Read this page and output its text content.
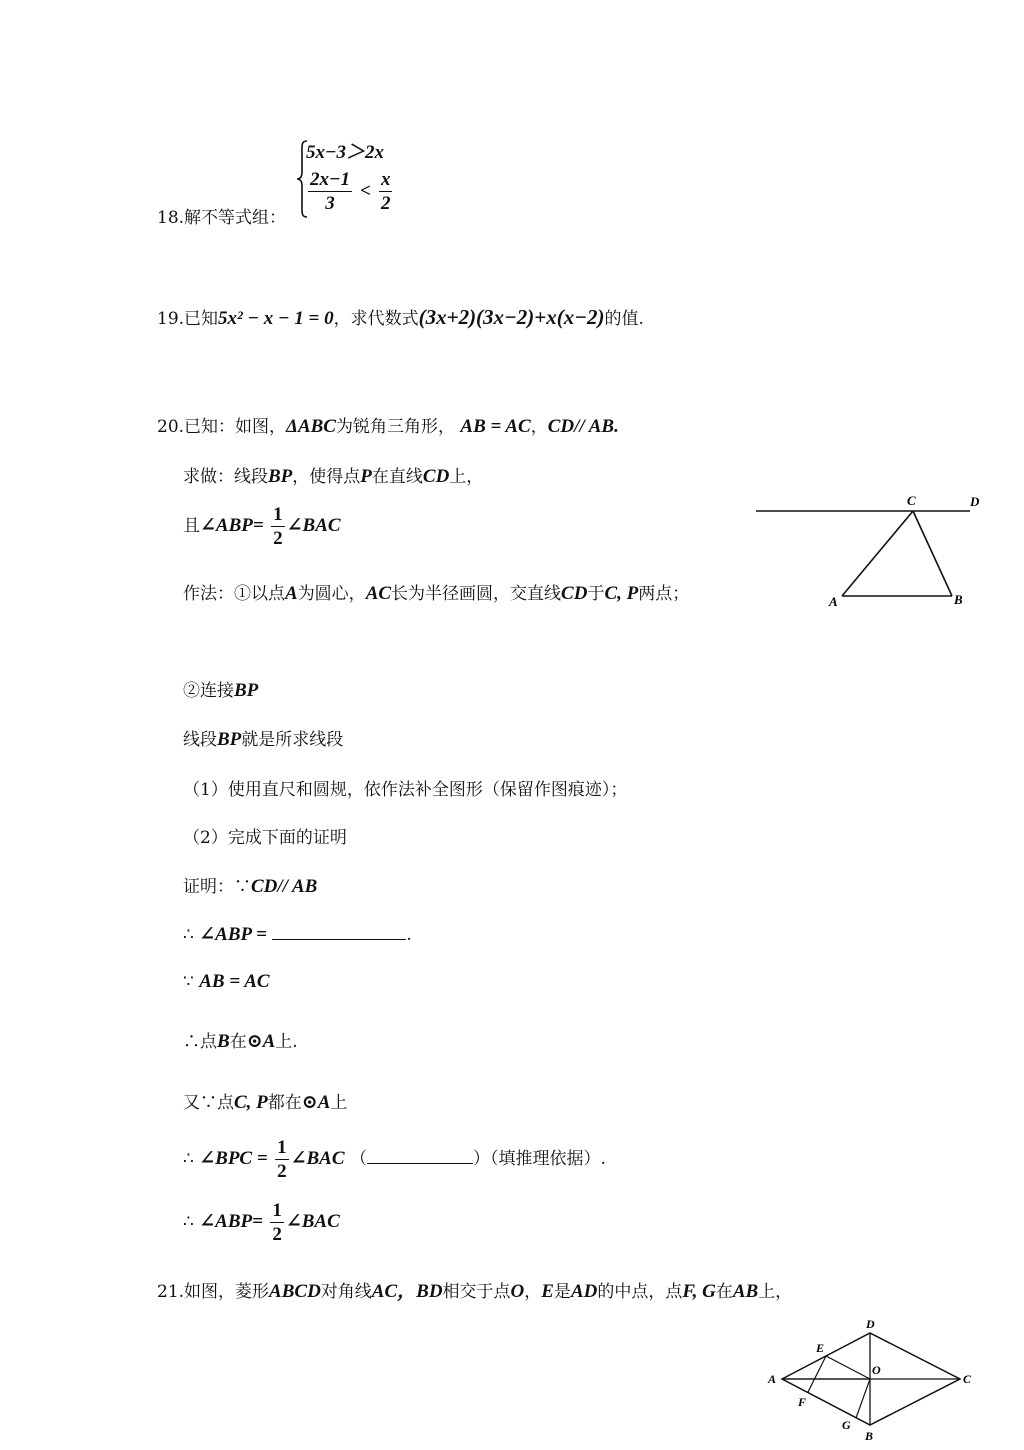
18.解不等式组：
5x−3＞2x
$\frac{2x-1}{3} < \frac{x}{2}$
19.已知5x² − x − 1 = 0，求代数式(3x+2)(3x−2)+x(x−2)的值.
20.已知：如图，ΔABC为锐角三角形， AB = AC，CD// AB.
求做：线段BP，使得点P在直线CD上，
且∠ABP= $\frac{1}{2}$ ∠BAC
作法：①以点A为圆心，AC长为半径画圆，交直线CD于C, P两点；
②连接BP
线段BP就是所求线段
（1）使用直尺和圆规，依作法补全图形（保留作图痕迹）；
（2）完成下面的证明
证明：∵CD// AB
∴ ∠ABP =	.
∵ AB = AC
∴点B在⊙A上.
又∵点C, P都在⊙A上
∴ ∠BPC = $\frac{1}{2}$ ∠BAC （	）（填推理依据）.
∴ ∠ABP= $\frac{1}{2}$ ∠BAC
C	D
A	B
21.如图，菱形ABCD对角线AC，BD相交于点O，E是AD的中点，点F, G在AB上，
D
E
O
A	C
F
G
B
